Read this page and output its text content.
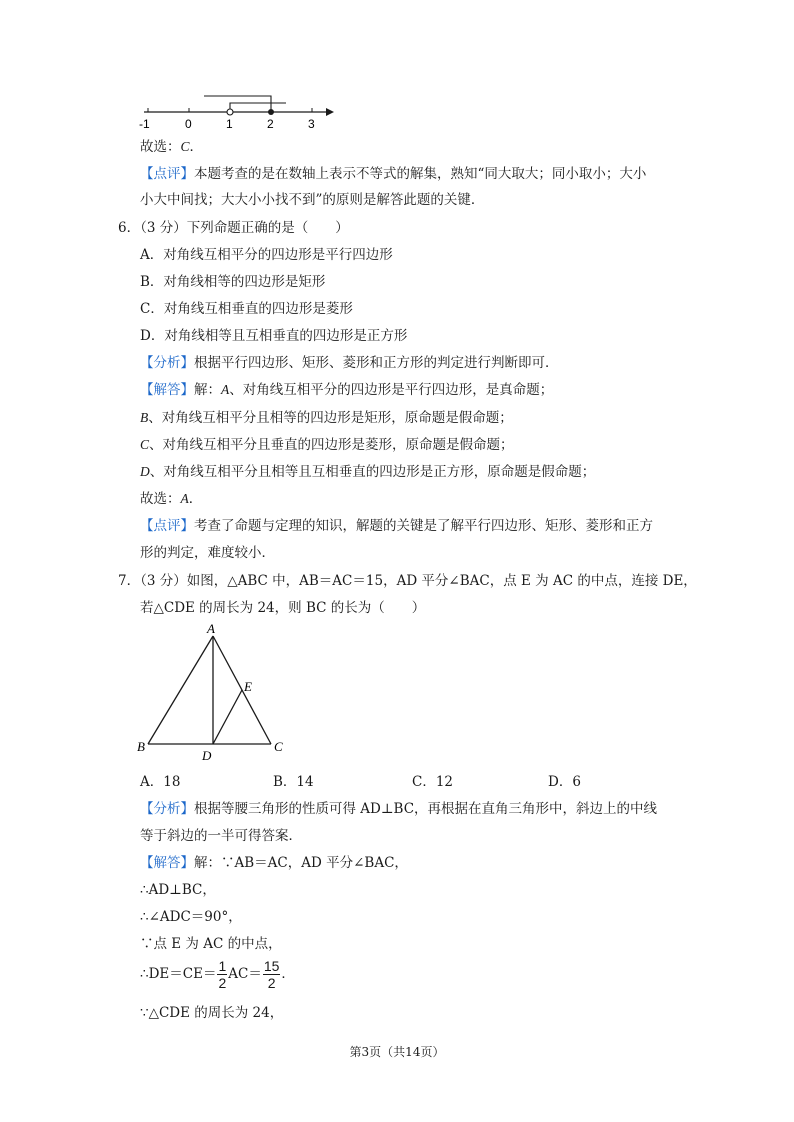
-1	0	1	2	3
故选：C．
【点评】本题考查的是在数轴上表示不等式的解集，熟知“同大取大；同小取小；大小
小大中间找；大大小小找不到”的原则是解答此题的关键．
6．（3 分）下列命题正确的是（　　）
A．对角线互相平分的四边形是平行四边形
B．对角线相等的四边形是矩形
C．对角线互相垂直的四边形是菱形
D．对角线相等且互相垂直的四边形是正方形
【分析】根据平行四边形、矩形、菱形和正方形的判定进行判断即可．
【解答】解：A、对角线互相平分的四边形是平行四边形，是真命题；
B、对角线互相平分且相等的四边形是矩形，原命题是假命题；
C、对角线互相平分且垂直的四边形是菱形，原命题是假命题；
D、对角线互相平分且相等且互相垂直的四边形是正方形，原命题是假命题；
故选：A．
【点评】考查了命题与定理的知识，解题的关键是了解平行四边形、矩形、菱形和正方
形的判定，难度较小．
7．（3 分）如图，△ABC 中，AB＝AC＝15，AD 平分∠BAC，点 E 为 AC 的中点，连接 DE，
若△CDE 的周长为 24，则 BC 的长为（　　）
A
E
B
D
C
A．18	B．14	C．12	D．6
【分析】根据等腰三角形的性质可得 AD⊥BC，再根据在直角三角形中，斜边上的中线
等于斜边的一半可得答案．
【解答】解：∵AB＝AC，AD 平分∠BAC，
∴AD⊥BC，
∴∠ADC＝90°，
∵点 E 为 AC 的中点，
∴DE＝CE＝ $\frac{1}{2} AC= \frac{15}{2}$ ．
∵△CDE 的周长为 24，
第3页（共14页）
